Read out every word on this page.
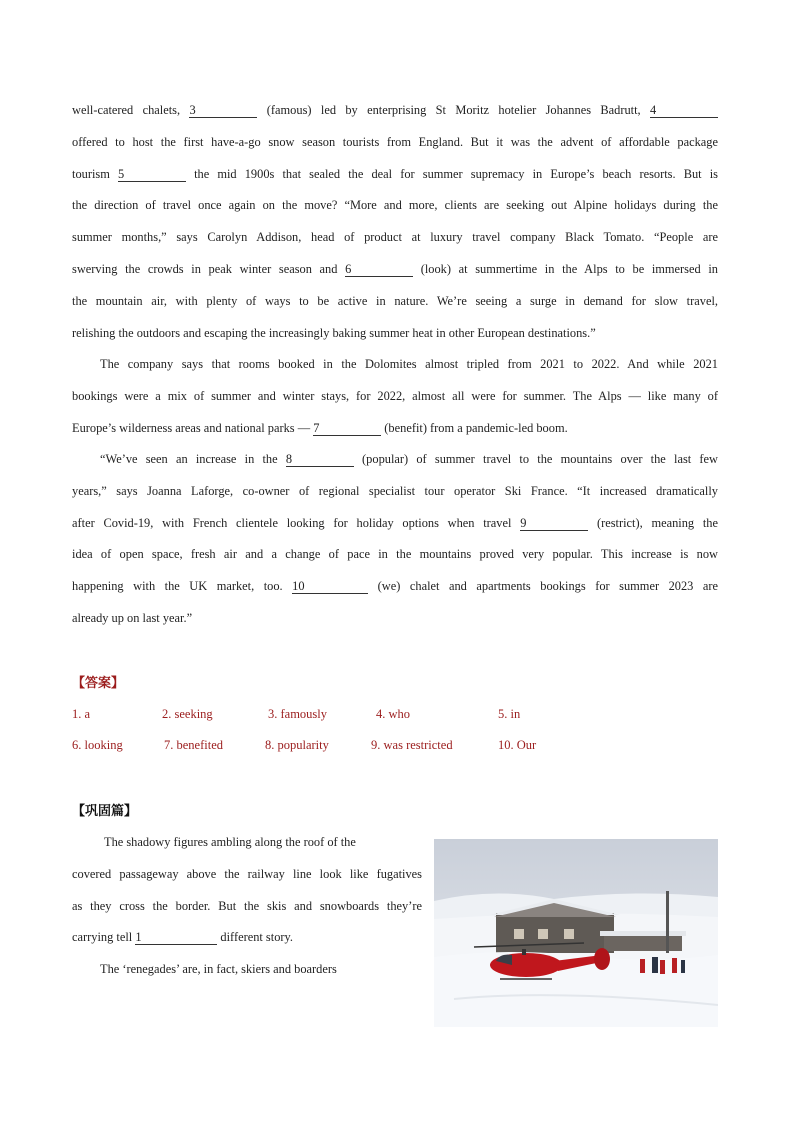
well-catered chalets, 3	(famous) led by enterprising St Moritz hotelier Johannes Badrutt, 4
offered to host the first have-a-go snow season tourists from England. But it was the advent of affordable package
tourism 5	the mid 1900s that sealed the deal for summer supremacy in Europe’s beach resorts. But is
the direction of travel once again on the move? “More and more, clients are seeking out Alpine holidays during the
summer months,” says Carolyn Addison, head of product at luxury travel company Black Tomato. “People are
swerving the crowds in peak winter season and 6	(look) at summertime in the Alps to be immersed in
the mountain air, with plenty of ways to be active in nature. We’re seeing a surge in demand for slow travel,
relishing the outdoors and escaping the increasingly baking summer heat in other European destinations.”
The company says that rooms booked in the Dolomites almost tripled from 2021 to 2022. And while 2021
bookings were a mix of summer and winter stays, for 2022, almost all were for summer. The Alps — like many of
Europe’s wilderness areas and national parks — 7	(benefit) from a pandemic-led boom.
“We’ve seen an increase in the 8	(popular) of summer travel to the mountains over the last few
years,” says Joanna Laforge, co-owner of regional specialist tour operator Ski France. “It increased dramatically
after Covid-19, with French clientele looking for holiday options when travel 9	(restrict), meaning the
idea of open space, fresh air and a change of pace in the mountains proved very popular. This increase is now
happening with the UK market, too. 10	(we) chalet and apartments bookings for summer 2023 are
already up on last year.”
【答案】
1. a	2. seeking	3. famously	4. who	5. in
6. looking	7. benefited	8. popularity	9. was restricted	10. Our
【巩固篇】
The shadowy figures ambling along the roof of the
covered passageway above the railway line look like fugatives
as they cross the border. But the skis and snowboards they’re
carrying tell 1	different story.
The ‘renegades’ are, in fact, skiers and boarders
